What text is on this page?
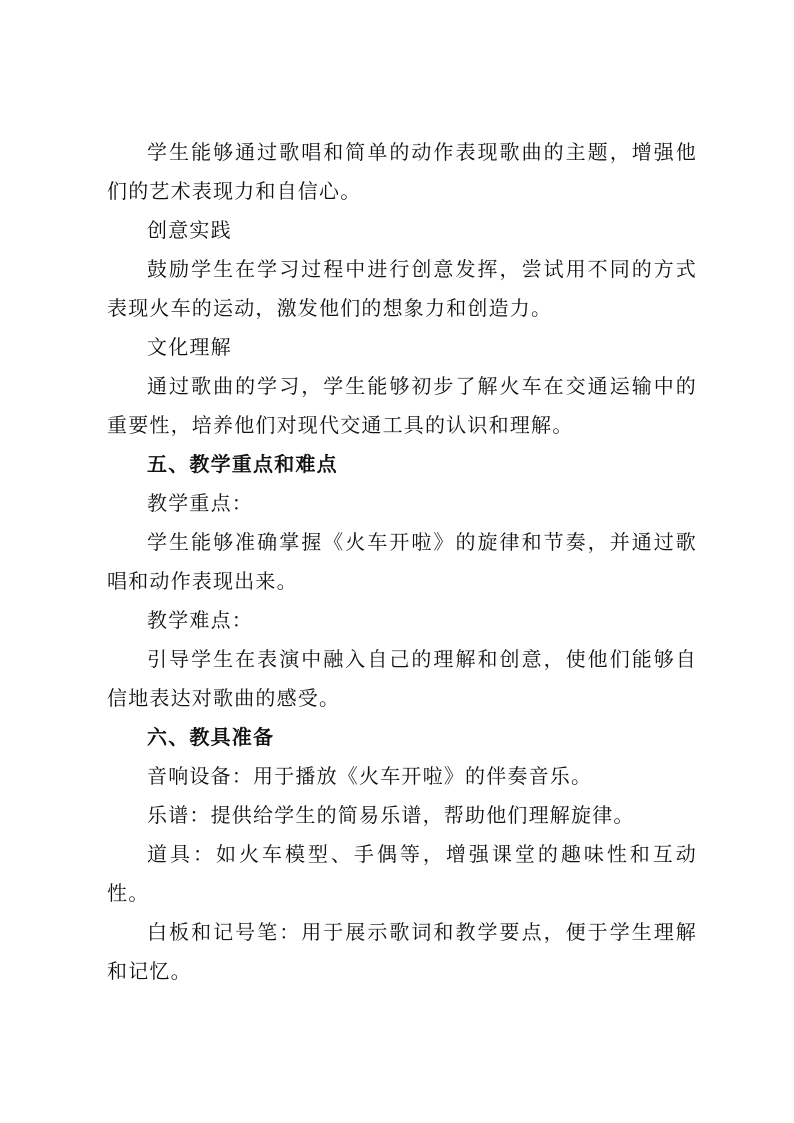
学生能够通过歌唱和简单的动作表现歌曲的主题，增强他们的艺术表现力和自信心。

创意实践

鼓励学生在学习过程中进行创意发挥，尝试用不同的方式表现火车的运动，激发他们的想象力和创造力。

文化理解

通过歌曲的学习，学生能够初步了解火车在交通运输中的重要性，培养他们对现代交通工具的认识和理解。

五、教学重点和难点

教学重点：

学生能够准确掌握《火车开啦》的旋律和节奏，并通过歌唱和动作表现出来。

教学难点：

引导学生在表演中融入自己的理解和创意，使他们能够自信地表达对歌曲的感受。

六、教具准备

音响设备：用于播放《火车开啦》的伴奏音乐。

乐谱：提供给学生的简易乐谱，帮助他们理解旋律。

道具：如火车模型、手偶等，增强课堂的趣味性和互动性。

白板和记号笔：用于展示歌词和教学要点，便于学生理解和记忆。
